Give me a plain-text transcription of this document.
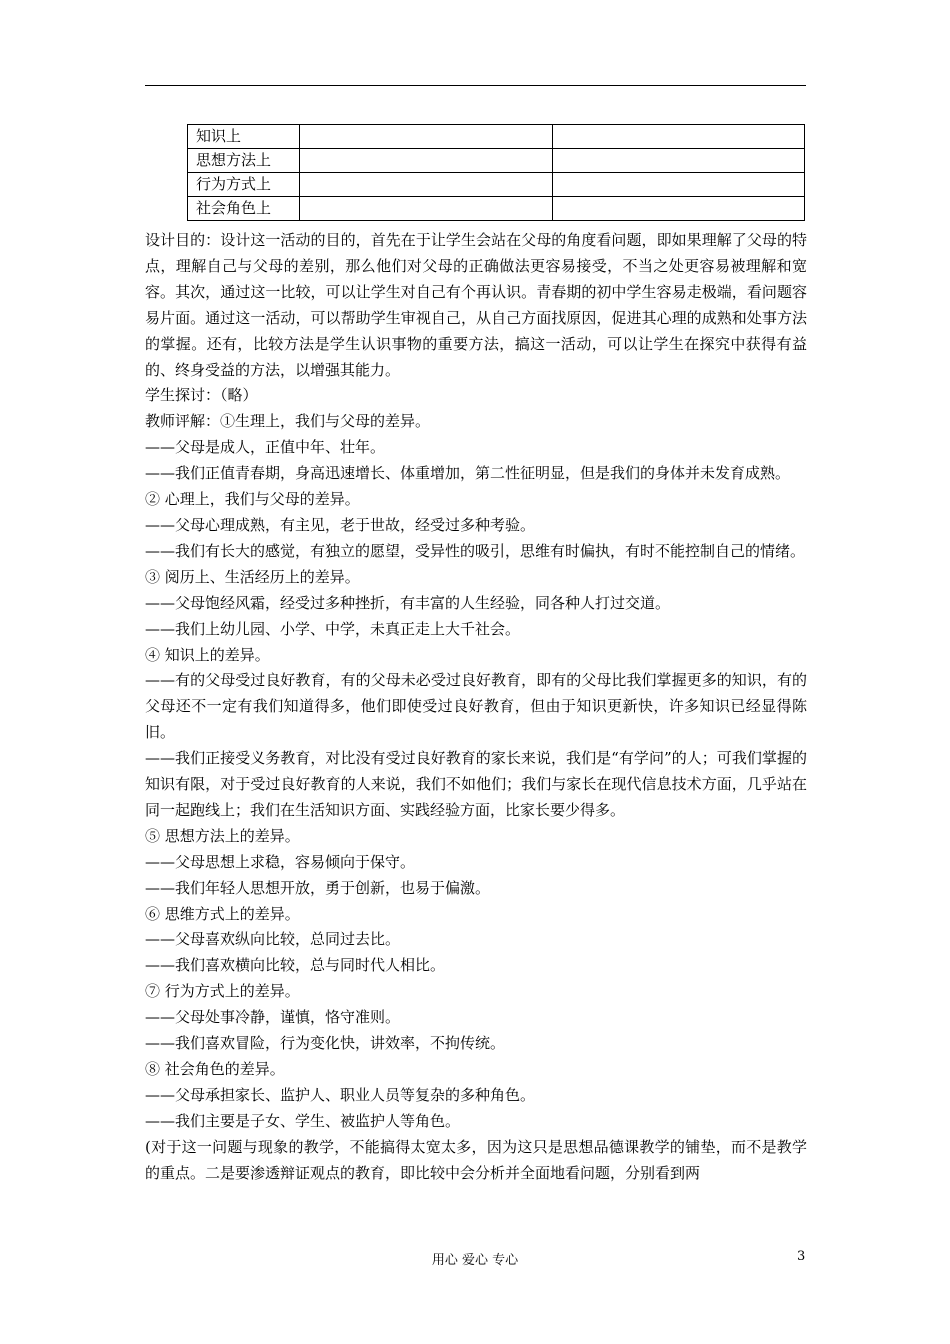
知识上		
思想方法上		
行为方式上		
社会角色上		

设计目的：设计这一活动的目的，首先在于让学生会站在父母的角度看问题，即如果理解了父母的特点，理解自己与父母的差别，那么他们对父母的正确做法更容易接受，不当之处更容易被理解和宽容。其次，通过这一比较，可以让学生对自己有个再认识。青春期的初中学生容易走极端，看问题容易片面。通过这一活动，可以帮助学生审视自己，从自己方面找原因，促进其心理的成熟和处事方法的掌握。还有，比较方法是学生认识事物的重要方法，搞这一活动，可以让学生在探究中获得有益的、终身受益的方法，以增强其能力。

学生探讨：（略）

教师评解：①生理上，我们与父母的差异。

——父母是成人，正值中年、壮年。

——我们正值青春期，身高迅速增长、体重增加，第二性征明显，但是我们的身体并未发育成熟。

② 心理上，我们与父母的差异。

——父母心理成熟，有主见，老于世故，经受过多种考验。

——我们有长大的感觉，有独立的愿望，受异性的吸引，思维有时偏执，有时不能控制自己的情绪。

③ 阅历上、生活经历上的差异。

——父母饱经风霜，经受过多种挫折，有丰富的人生经验，同各种人打过交道。

——我们上幼儿园、小学、中学，未真正走上大千社会。

④ 知识上的差异。

——有的父母受过良好教育，有的父母未必受过良好教育，即有的父母比我们掌握更多的知识，有的父母还不一定有我们知道得多，他们即使受过良好教育，但由于知识更新快，许多知识已经显得陈旧。

——我们正接受义务教育，对比没有受过良好教育的家长来说，我们是“有学问”的人；可我们掌握的知识有限，对于受过良好教育的人来说，我们不如他们；我们与家长在现代信息技术方面，几乎站在同一起跑线上；我们在生活知识方面、实践经验方面，比家长要少得多。

⑤ 思想方法上的差异。

——父母思想上求稳，容易倾向于保守。

——我们年轻人思想开放，勇于创新，也易于偏激。

⑥ 思维方式上的差异。

——父母喜欢纵向比较，总同过去比。

——我们喜欢横向比较，总与同时代人相比。

⑦ 行为方式上的差异。

——父母处事冷静，谨慎，恪守准则。

——我们喜欢冒险，行为变化快，讲效率，不拘传统。

⑧ 社会角色的差异。

——父母承担家长、监护人、职业人员等复杂的多种角色。

——我们主要是子女、学生、被监护人等角色。

(对于这一问题与现象的教学，不能搞得太宽太多，因为这只是思想品德课教学的铺垫，而不是教学的重点。二是要渗透辩证观点的教育，即比较中会分析并全面地看问题，分别看到两

用心 爱心 专心	3
